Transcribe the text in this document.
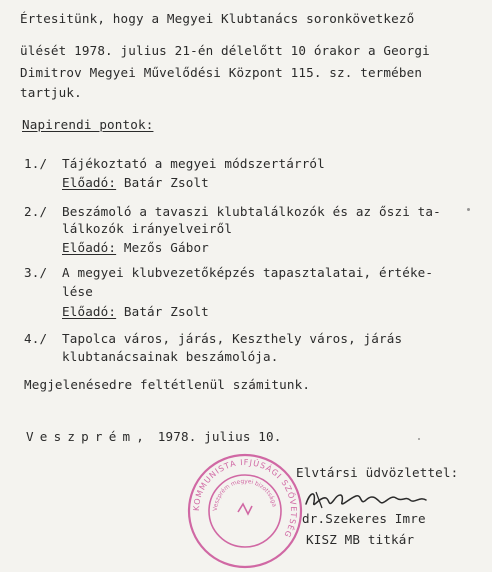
Értesitünk, hogy a Megyei Klubtanács soronkövetkező
ülését 1978. julius 21-én délelőtt 10 órakor a Georgi
Dimitrov Megyei Művelődési Központ 115. sz. termében
tartjuk.
Napirendi pontok:
1./ Tájékoztató a megyei módszertárról
Előadó: Batár Zsolt
2./ Beszámoló a tavaszi klubtalálkozók és az őszi ta-
lálkozók irányelveiről
Előadó: Mezős Gábor
3./ A megyei klubvezetőképzés tapasztalatai, értéke-
lése
Előadó: Batár Zsolt
4./ Tapolca város, járás, Keszthely város, járás
klubtanácsainak beszámolója.
Megjelenésedre feltétlenül számitunk.
Veszprém, 1978. julius 10.
Elvtársi üdvözlettel:
KOMMUNISTA IFJÚSÁGI SZÖVETSÉG
Veszprém megyei bizottsága
dr.Szekeres Imre
KISZ MB titkár
